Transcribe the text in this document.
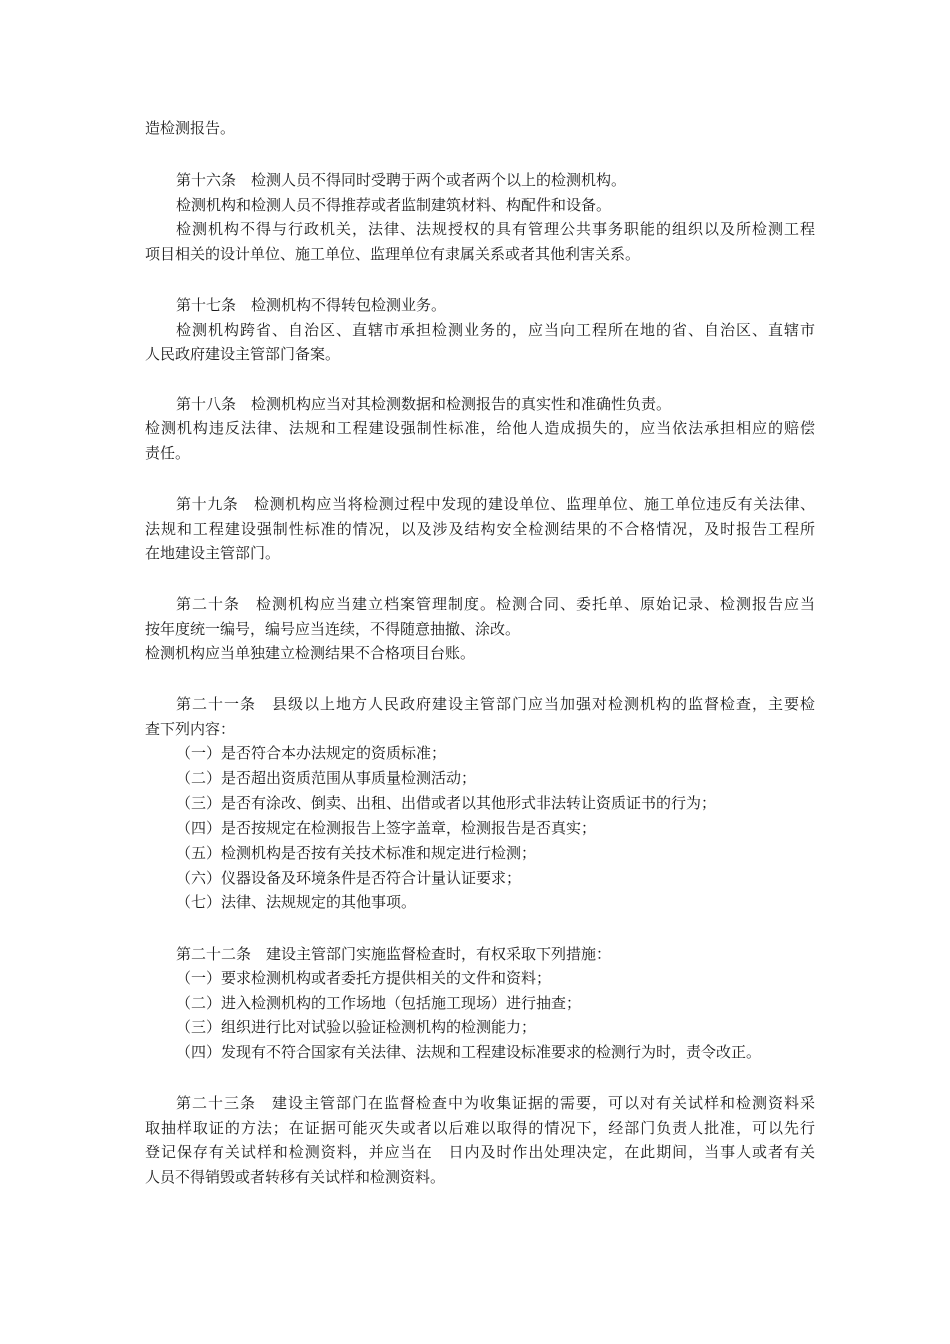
造检测报告。
第十六条　检测人员不得同时受聘于两个或者两个以上的检测机构。
检测机构和检测人员不得推荐或者监制建筑材料、构配件和设备。
检测机构不得与行政机关，法律、法规授权的具有管理公共事务职能的组织以及所检测工程
项目相关的设计单位、施工单位、监理单位有隶属关系或者其他利害关系。
第十七条　检测机构不得转包检测业务。
检测机构跨省、自治区、直辖市承担检测业务的，应当向工程所在地的省、自治区、直辖市
人民政府建设主管部门备案。
第十八条　检测机构应当对其检测数据和检测报告的真实性和准确性负责。
检测机构违反法律、法规和工程建设强制性标准，给他人造成损失的，应当依法承担相应的赔偿
责任。
第十九条　检测机构应当将检测过程中发现的建设单位、监理单位、施工单位违反有关法律、
法规和工程建设强制性标准的情况，以及涉及结构安全检测结果的不合格情况，及时报告工程所
在地建设主管部门。
第二十条　检测机构应当建立档案管理制度。检测合同、委托单、原始记录、检测报告应当
按年度统一编号，编号应当连续，不得随意抽撤、涂改。
检测机构应当单独建立检测结果不合格项目台账。
第二十一条　县级以上地方人民政府建设主管部门应当加强对检测机构的监督检查，主要检
查下列内容：
（一）是否符合本办法规定的资质标准；
（二）是否超出资质范围从事质量检测活动；
（三）是否有涂改、倒卖、出租、出借或者以其他形式非法转让资质证书的行为；
（四）是否按规定在检测报告上签字盖章，检测报告是否真实；
（五）检测机构是否按有关技术标准和规定进行检测；
（六）仪器设备及环境条件是否符合计量认证要求；
（七）法律、法规规定的其他事项。
第二十二条　建设主管部门实施监督检查时，有权采取下列措施：
（一）要求检测机构或者委托方提供相关的文件和资料；
（二）进入检测机构的工作场地（包括施工现场）进行抽查；
（三）组织进行比对试验以验证检测机构的检测能力；
（四）发现有不符合国家有关法律、法规和工程建设标准要求的检测行为时，责令改正。
第二十三条　建设主管部门在监督检查中为收集证据的需要，可以对有关试样和检测资料采
取抽样取证的方法；在证据可能灭失或者以后难以取得的情况下，经部门负责人批准，可以先行
登记保存有关试样和检测资料，并应当在　日内及时作出处理决定，在此期间，当事人或者有关
人员不得销毁或者转移有关试样和检测资料。
